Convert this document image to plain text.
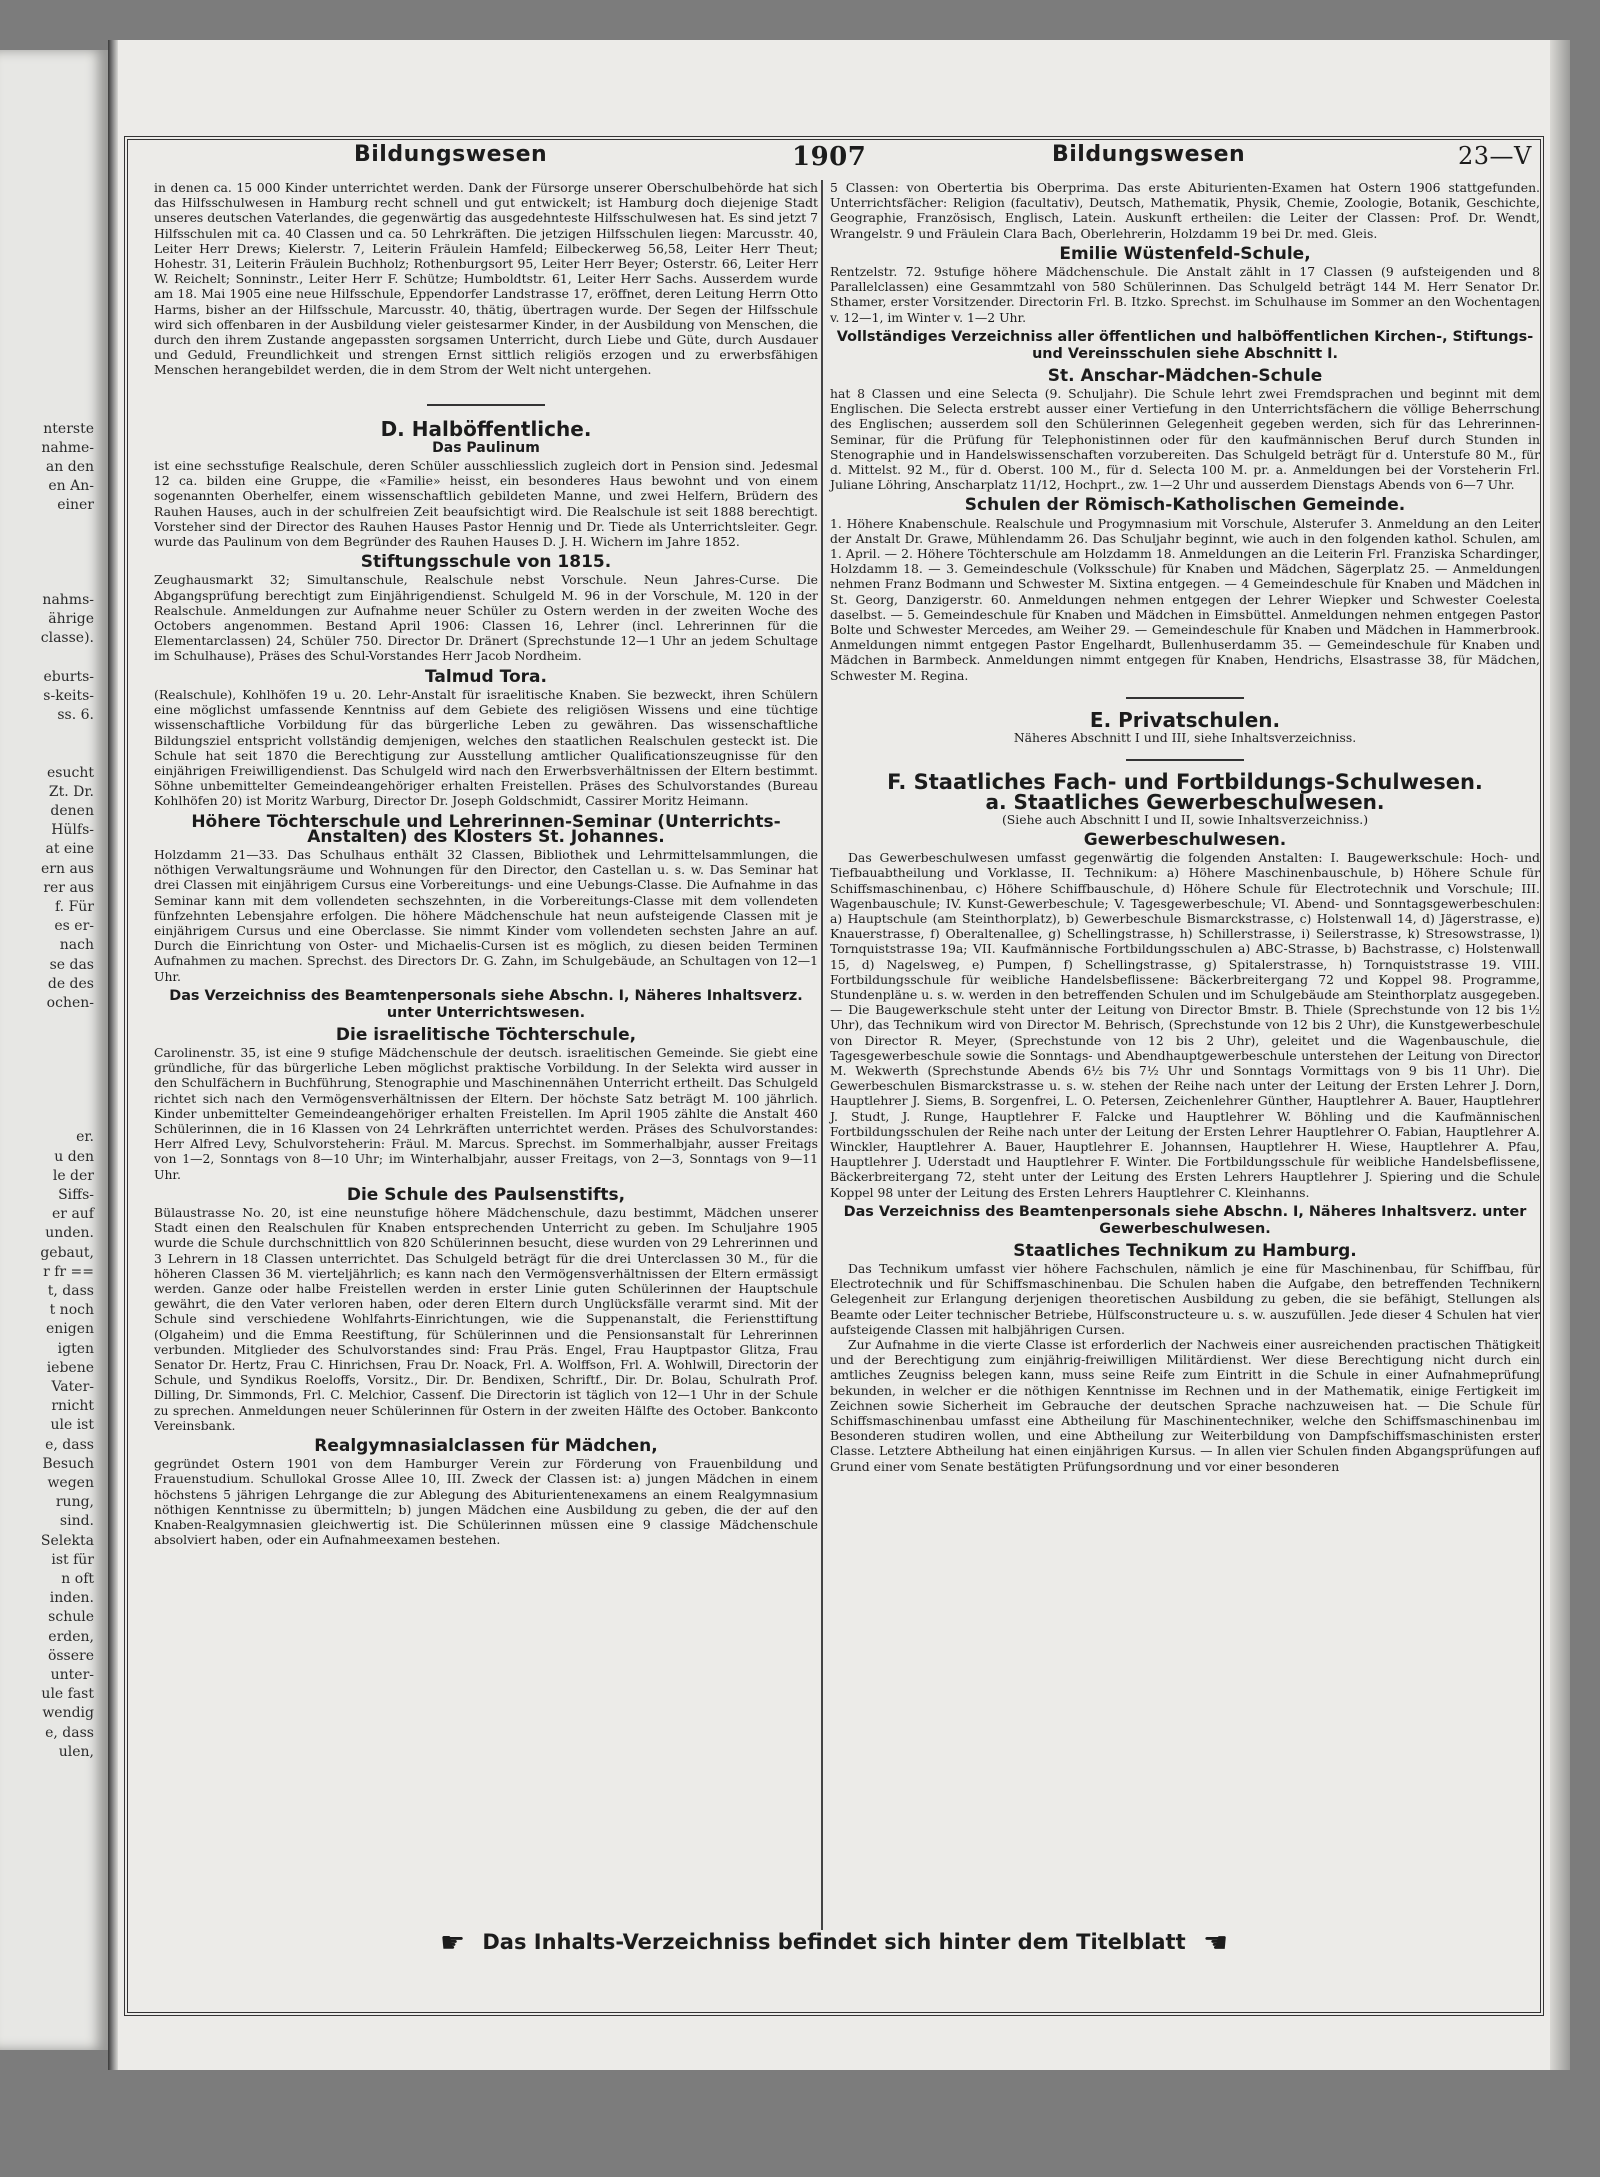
nterste
nahme-
an den
en An-
einer
nahms-
ährige
classe).
eburts-
s-keits-
ss. 6.
esucht
Zt. Dr.
denen
Hülfs-
at eine
ern aus
rer aus
f. Für
es er-
nach
se das
de des
ochen-
er.
u den
le der
Siffs-
er auf
unden.
gebaut,
r fr ==
t, dass
t noch
enigen
igten
iebene
Vater-
rnicht
ule ist
e, dass
Besuch
wegen
rung,
sind.
Selekta
ist für
n oft
inden.
schule
erden,
össere
unter-
ule fast
wendig
e, dass
ulen,
Bildungswesen	1907	Bildungswesen	23—V

in denen ca. 15 000 Kinder unterrichtet werden. Dank der Fürsorge unserer Oberschulbehörde hat sich das Hilfsschulwesen in Hamburg recht schnell und gut entwickelt; ist Hamburg doch diejenige Stadt unseres deutschen Vaterlandes, die gegenwärtig das ausgedehnteste Hilfsschulwesen hat. Es sind jetzt 7 Hilfsschulen mit ca. 40 Classen und ca. 50 Lehrkräften. Die jetzigen Hilfsschulen liegen: Marcusstr. 40, Leiter Herr Drews; Kielerstr. 7, Leiterin Fräulein Hamfeld; Eilbeckerweg 56,58, Leiter Herr Theut; Hohestr. 31, Leiterin Fräulein Buchholz; Rothenburgsort 95, Leiter Herr Beyer; Osterstr. 66, Leiter Herr W. Reichelt; Sonninstr., Leiter Herr F. Schütze; Humboldtstr. 61, Leiter Herr Sachs. Ausserdem wurde am 18. Mai 1905 eine neue Hilfsschule, Eppendorfer Landstrasse 17, eröffnet, deren Leitung Herrn Otto Harms, bisher an der Hilfsschule, Marcusstr. 40, thätig, übertragen wurde. Der Segen der Hilfsschule wird sich offenbaren in der Ausbildung vieler geistesarmer Kinder, in der Ausbildung von Menschen, die durch den ihrem Zustande angepassten sorgsamen Unterricht, durch Liebe und Güte, durch Ausdauer und Geduld, Freundlichkeit und strengen Ernst sittlich religiös erzogen und zu erwerbsfähigen Menschen herangebildet werden, die in dem Strom der Welt nicht untergehen.

D. Halböffentliche.
Das Paulinum

ist eine sechsstufige Realschule, deren Schüler ausschliesslich zugleich dort in Pension sind. Jedesmal 12 ca. bilden eine Gruppe, die «Familie» heisst, ein besonderes Haus bewohnt und von einem sogenannten Oberhelfer, einem wissenschaftlich gebildeten Manne, und zwei Helfern, Brüdern des Rauhen Hauses, auch in der schulfreien Zeit beaufsichtigt wird. Die Realschule ist seit 1888 berechtigt. Vorsteher sind der Director des Rauhen Hauses Pastor Hennig und Dr. Tiede als Unterrichtsleiter. Gegr. wurde das Paulinum von dem Begründer des Rauhen Hauses D. J. H. Wichern im Jahre 1852.

Stiftungsschule von 1815.

Zeughausmarkt 32; Simultanschule, Realschule nebst Vorschule. Neun Jahres-Curse. Die Abgangsprüfung berechtigt zum Einjährigendienst. Schulgeld M. 96 in der Vorschule, M. 120 in der Realschule. Anmeldungen zur Aufnahme neuer Schüler zu Ostern werden in der zweiten Woche des Octobers angenommen. Bestand April 1906: Classen 16, Lehrer (incl. Lehrerinnen für die Elementarclassen) 24, Schüler 750. Director Dr. Dränert (Sprechstunde 12—1 Uhr an jedem Schultage im Schulhause), Präses des Schul-Vorstandes Herr Jacob Nordheim.

Talmud Tora.

(Realschule), Kohlhöfen 19 u. 20. Lehr-Anstalt für israelitische Knaben. Sie bezweckt, ihren Schülern eine möglichst umfassende Kenntniss auf dem Gebiete des religiösen Wissens und eine tüchtige wissenschaftliche Vorbildung für das bürgerliche Leben zu gewähren. Das wissenschaftliche Bildungsziel entspricht vollständig demjenigen, welches den staatlichen Realschulen gesteckt ist. Die Schule hat seit 1870 die Berechtigung zur Ausstellung amtlicher Qualificationszeugnisse für den einjährigen Freiwilligendienst. Das Schulgeld wird nach den Erwerbsverhältnissen der Eltern bestimmt. Söhne unbemittelter Gemeindeangehöriger erhalten Freistellen. Präses des Schulvorstandes (Bureau Kohlhöfen 20) ist Moritz Warburg, Director Dr. Joseph Goldschmidt, Cassirer Moritz Heimann.

Höhere Töchterschule und Lehrerinnen-Seminar (Unterrichts-Anstalten) des Klosters St. Johannes.

Holzdamm 21—33. Das Schulhaus enthält 32 Classen, Bibliothek und Lehrmittelsammlungen, die nöthigen Verwaltungsräume und Wohnungen für den Director, den Castellan u. s. w. Das Seminar hat drei Classen mit einjährigem Cursus eine Vorbereitungs- und eine Uebungs-Classe. Die Aufnahme in das Seminar kann mit dem vollendeten sechszehnten, in die Vorbereitungs-Classe mit dem vollendeten fünfzehnten Lebensjahre erfolgen. Die höhere Mädchenschule hat neun aufsteigende Classen mit je einjährigem Cursus und eine Oberclasse. Sie nimmt Kinder vom vollendeten sechsten Jahre an auf. Durch die Einrichtung von Oster- und Michaelis-Cursen ist es möglich, zu diesen beiden Terminen Aufnahmen zu machen. Sprechst. des Directors Dr. G. Zahn, im Schulgebäude, an Schultagen von 12—1 Uhr.

Das Verzeichniss des Beamtenpersonals siehe Abschn. I, Näheres Inhaltsverz. unter Unterrichtswesen.
Die israelitische Töchterschule,

Carolinenstr. 35, ist eine 9 stufige Mädchenschule der deutsch. israelitischen Gemeinde. Sie giebt eine gründliche, für das bürgerliche Leben möglichst praktische Vorbildung. In der Selekta wird ausser in den Schulfächern in Buchführung, Stenographie und Maschinennähen Unterricht ertheilt. Das Schulgeld richtet sich nach den Vermögensverhältnissen der Eltern. Der höchste Satz beträgt M. 100 jährlich. Kinder unbemittelter Gemeindeangehöriger erhalten Freistellen. Im April 1905 zählte die Anstalt 460 Schülerinnen, die in 16 Klassen von 24 Lehrkräften unterrichtet werden. Präses des Schulvorstandes: Herr Alfred Levy, Schulvorsteherin: Fräul. M. Marcus. Sprechst. im Sommerhalbjahr, ausser Freitags von 1—2, Sonntags von 8—10 Uhr; im Winterhalbjahr, ausser Freitags, von 2—3, Sonntags von 9—11 Uhr.

Die Schule des Paulsenstifts,

Bülaustrasse No. 20, ist eine neunstufige höhere Mädchenschule, dazu bestimmt, Mädchen unserer Stadt einen den Realschulen für Knaben entsprechenden Unterricht zu geben. Im Schuljahre 1905 wurde die Schule durchschnittlich von 820 Schülerinnen besucht, diese wurden von 29 Lehrerinnen und 3 Lehrern in 18 Classen unterrichtet. Das Schulgeld beträgt für die drei Unterclassen 30 M., für die höheren Classen 36 M. vierteljährlich; es kann nach den Vermögensverhältnissen der Eltern ermässigt werden. Ganze oder halbe Freistellen werden in erster Linie guten Schülerinnen der Hauptschule gewährt, die den Vater verloren haben, oder deren Eltern durch Unglücksfälle verarmt sind. Mit der Schule sind verschiedene Wohlfahrts-Einrichtungen, wie die Suppenanstalt, die Feriensttiftung (Olgaheim) und die Emma Reestiftung, für Schülerinnen und die Pensionsanstalt für Lehrerinnen verbunden. Mitglieder des Schulvorstandes sind: Frau Präs. Engel, Frau Hauptpastor Glitza, Frau Senator Dr. Hertz, Frau C. Hinrichsen, Frau Dr. Noack, Frl. A. Wolffson, Frl. A. Wohlwill, Directorin der Schule, und Syndikus Roeloffs, Vorsitz., Dir. Dr. Bendixen, Schriftf., Dir. Dr. Bolau, Schulrath Prof. Dilling, Dr. Simmonds, Frl. C. Melchior, Cassenf. Die Directorin ist täglich von 12—1 Uhr in der Schule zu sprechen. Anmeldungen neuer Schülerinnen für Ostern in der zweiten Hälfte des October. Bankconto Vereinsbank.

Realgymnasialclassen für Mädchen,

gegründet Ostern 1901 von dem Hamburger Verein zur Förderung von Frauenbildung und Frauenstudium. Schullokal Grosse Allee 10, III. Zweck der Classen ist: a) jungen Mädchen in einem höchstens 5 jährigen Lehrgange die zur Ablegung des Abiturientenexamens an einem Realgymnasium nöthigen Kenntnisse zu übermitteln; b) jungen Mädchen eine Ausbildung zu geben, die der auf den Knaben-Realgymnasien gleichwertig ist. Die Schülerinnen müssen eine 9 classige Mädchenschule absolviert haben, oder ein Aufnahmeexamen bestehen.

5 Classen: von Obertertia bis Oberprima. Das erste Abiturienten-Examen hat Ostern 1906 stattgefunden. Unterrichtsfächer: Religion (facultativ), Deutsch, Mathematik, Physik, Chemie, Zoologie, Botanik, Geschichte, Geographie, Französisch, Englisch, Latein. Auskunft ertheilen: die Leiter der Classen: Prof. Dr. Wendt, Wrangelstr. 9 und Fräulein Clara Bach, Oberlehrerin, Holzdamm 19 bei Dr. med. Gleis.

Emilie Wüstenfeld-Schule,

Rentzelstr. 72. 9stufige höhere Mädchenschule. Die Anstalt zählt in 17 Classen (9 aufsteigenden und 8 Parallelclassen) eine Gesammtzahl von 580 Schülerinnen. Das Schulgeld beträgt 144 M. Herr Senator Dr. Sthamer, erster Vorsitzender. Directorin Frl. B. Itzko. Sprechst. im Schulhause im Sommer an den Wochentagen v. 12—1, im Winter v. 1—2 Uhr.

Vollständiges Verzeichniss aller öffentlichen und halböffentlichen Kirchen-, Stiftungs- und Vereinsschulen siehe Abschnitt I.
St. Anschar-Mädchen-Schule

hat 8 Classen und eine Selecta (9. Schuljahr). Die Schule lehrt zwei Fremdsprachen und beginnt mit dem Englischen. Die Selecta erstrebt ausser einer Vertiefung in den Unterrichtsfächern die völlige Beherrschung des Englischen; ausserdem soll den Schülerinnen Gelegenheit gegeben werden, sich für das Lehrerinnen-Seminar, für die Prüfung für Telephonistinnen oder für den kaufmännischen Beruf durch Stunden in Stenographie und in Handelswissenschaften vorzubereiten. Das Schulgeld beträgt für d. Unterstufe 80 M., für d. Mittelst. 92 M., für d. Oberst. 100 M., für d. Selecta 100 M. pr. a. Anmeldungen bei der Vorsteherin Frl. Juliane Löhring, Anscharplatz 11/12, Hochprt., zw. 1—2 Uhr und ausserdem Dienstags Abends von 6—7 Uhr.

Schulen der Römisch-Katholischen Gemeinde.

1. Höhere Knabenschule. Realschule und Progymnasium mit Vorschule, Alsterufer 3. Anmeldung an den Leiter der Anstalt Dr. Grawe, Mühlendamm 26. Das Schuljahr beginnt, wie auch in den folgenden kathol. Schulen, am 1. April. — 2. Höhere Töchterschule am Holzdamm 18. Anmeldungen an die Leiterin Frl. Franziska Schardinger, Holzdamm 18. — 3. Gemeindeschule (Volksschule) für Knaben und Mädchen, Sägerplatz 25. — Anmeldungen nehmen Franz Bodmann und Schwester M. Sixtina entgegen. — 4 Gemeindeschule für Knaben und Mädchen in St. Georg, Danzigerstr. 60. Anmeldungen nehmen entgegen der Lehrer Wiepker und Schwester Coelesta daselbst. — 5. Gemeindeschule für Knaben und Mädchen in Eimsbüttel. Anmeldungen nehmen entgegen Pastor Bolte und Schwester Mercedes, am Weiher 29. — Gemeindeschule für Knaben und Mädchen in Hammerbrook. Anmeldungen nimmt entgegen Pastor Engelhardt, Bullenhuserdamm 35. — Gemeindeschule für Knaben und Mädchen in Barmbeck. Anmeldungen nimmt entgegen für Knaben, Hendrichs, Elsastrasse 38, für Mädchen, Schwester M. Regina.

E. Privatschulen.

Näheres Abschnitt I und III, siehe Inhaltsverzeichniss.

F. Staatliches Fach- und Fortbildungs-Schulwesen.
a. Staatliches Gewerbeschulwesen.

(Siehe auch Abschnitt I und II, sowie Inhaltsverzeichniss.)

Gewerbeschulwesen.

Das Gewerbeschulwesen umfasst gegenwärtig die folgenden Anstalten: I. Baugewerkschule: Hoch- und Tiefbauabtheilung und Vorklasse, II. Technikum: a) Höhere Maschinenbauschule, b) Höhere Schule für Schiffsmaschinenbau, c) Höhere Schiffbauschule, d) Höhere Schule für Electrotechnik und Vorschule; III. Wagenbauschule; IV. Kunst-Gewerbeschule; V. Tagesgewerbeschule; VI. Abend- und Sonntagsgewerbeschulen: a) Hauptschule (am Steinthorplatz), b) Gewerbeschule Bismarckstrasse, c) Holstenwall 14, d) Jägerstrasse, e) Knauerstrasse, f) Oberaltenallee, g) Schellingstrasse, h) Schillerstrasse, i) Seilerstrasse, k) Stresowstrasse, l) Tornquiststrasse 19a; VII. Kaufmännische Fortbildungsschulen a) ABC-Strasse, b) Bachstrasse, c) Holstenwall 15, d) Nagelsweg, e) Pumpen, f) Schellingstrasse, g) Spitalerstrasse, h) Tornquiststrasse 19. VIII. Fortbildungsschule für weibliche Handelsbeflissene: Bäckerbreitergang 72 und Koppel 98. Programme, Stundenpläne u. s. w. werden in den betreffenden Schulen und im Schulgebäude am Steinthorplatz ausgegeben. — Die Baugewerkschule steht unter der Leitung von Director Bmstr. B. Thiele (Sprechstunde von 12 bis 1½ Uhr), das Technikum wird von Director M. Behrisch, (Sprechstunde von 12 bis 2 Uhr), die Kunstgewerbeschule von Director R. Meyer, (Sprechstunde von 12 bis 2 Uhr), geleitet und die Wagenbauschule, die Tagesgewerbeschule sowie die Sonntags- und Abendhauptgewerbeschule unterstehen der Leitung von Director M. Wekwerth (Sprechstunde Abends 6½ bis 7½ Uhr und Sonntags Vormittags von 9 bis 11 Uhr). Die Gewerbeschulen Bismarckstrasse u. s. w. stehen der Reihe nach unter der Leitung der Ersten Lehrer J. Dorn, Hauptlehrer J. Siems, B. Sorgenfrei, L. O. Petersen, Zeichenlehrer Günther, Hauptlehrer A. Bauer, Hauptlehrer J. Studt, J. Runge, Hauptlehrer F. Falcke und Hauptlehrer W. Böhling und die Kaufmännischen Fortbildungsschulen der Reihe nach unter der Leitung der Ersten Lehrer Hauptlehrer O. Fabian, Hauptlehrer A. Winckler, Hauptlehrer A. Bauer, Hauptlehrer E. Johannsen, Hauptlehrer H. Wiese, Hauptlehrer A. Pfau, Hauptlehrer J. Uderstadt und Hauptlehrer F. Winter. Die Fortbildungsschule für weibliche Handelsbeflissene, Bäckerbreitergang 72, steht unter der Leitung des Ersten Lehrers Hauptlehrer J. Spiering und die Schule Koppel 98 unter der Leitung des Ersten Lehrers Hauptlehrer C. Kleinhanns.

Das Verzeichniss des Beamtenpersonals siehe Abschn. I, Näheres Inhaltsverz. unter Gewerbeschulwesen.
Staatliches Technikum zu Hamburg.

Das Technikum umfasst vier höhere Fachschulen, nämlich je eine für Maschinenbau, für Schiffbau, für Electrotechnik und für Schiffsmaschinenbau. Die Schulen haben die Aufgabe, den betreffenden Technikern Gelegenheit zur Erlangung derjenigen theoretischen Ausbildung zu geben, die sie befähigt, Stellungen als Beamte oder Leiter technischer Betriebe, Hülfsconstructeure u. s. w. auszufüllen. Jede dieser 4 Schulen hat vier aufsteigende Classen mit halbjährigen Cursen.

Zur Aufnahme in die vierte Classe ist erforderlich der Nachweis einer ausreichenden practischen Thätigkeit und der Berechtigung zum einjährig-freiwilligen Militärdienst. Wer diese Berechtigung nicht durch ein amtliches Zeugniss belegen kann, muss seine Reife zum Eintritt in die Schule in einer Aufnahmeprüfung bekunden, in welcher er die nöthigen Kenntnisse im Rechnen und in der Mathematik, einige Fertigkeit im Zeichnen sowie Sicherheit im Gebrauche der deutschen Sprache nachzuweisen hat. — Die Schule für Schiffsmaschinenbau umfasst eine Abtheilung für Maschinentechniker, welche den Schiffsmaschinenbau im Besonderen studiren wollen, und eine Abtheilung zur Weiterbildung von Dampfschiffsmaschinisten erster Classe. Letztere Abtheilung hat einen einjährigen Kursus. — In allen vier Schulen finden Abgangsprüfungen auf Grund einer vom Senate bestätigten Prüfungsordnung und vor einer besonderen

☛ Das Inhalts-Verzeichniss befindet sich hinter dem Titelblatt ☚
